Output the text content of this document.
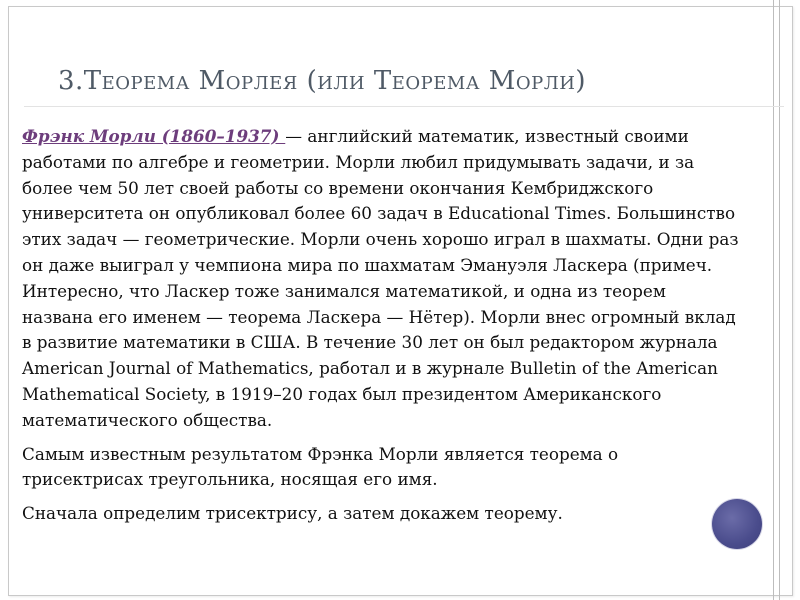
3.Теорема Морлея (или Теорема Морли)

Фрэнк Морли (1860–1937) — английский математик, известный своими работами по алгебре и геометрии. Морли любил придумывать задачи, и за более чем 50 лет своей работы со времени окончания Кембриджского университета он опубликовал более 60 задач в Educational Times. Большинство этих задач — геометрические. Морли очень хорошо играл в шахматы. Одни раз он даже выиграл у чемпиона мира по шахматам Эмануэля Ласкера (примеч. Интересно, что Ласкер тоже занимался математикой, и одна из теорем названа его именем — теорема Ласкера — Нётер). Морли внес огромный вклад в развитие математики в США. В течение 30 лет он был редактором журнала American Journal of Mathematics, работал и в журнале Bulletin of the American Mathematical Society, в 1919–20 годах был президентом Американского математического общества.

Самым известным результатом Фрэнка Морли является теорема о трисектрисах треугольника, носящая его имя.

Сначала определим трисектрису, а затем докажем теорему.
